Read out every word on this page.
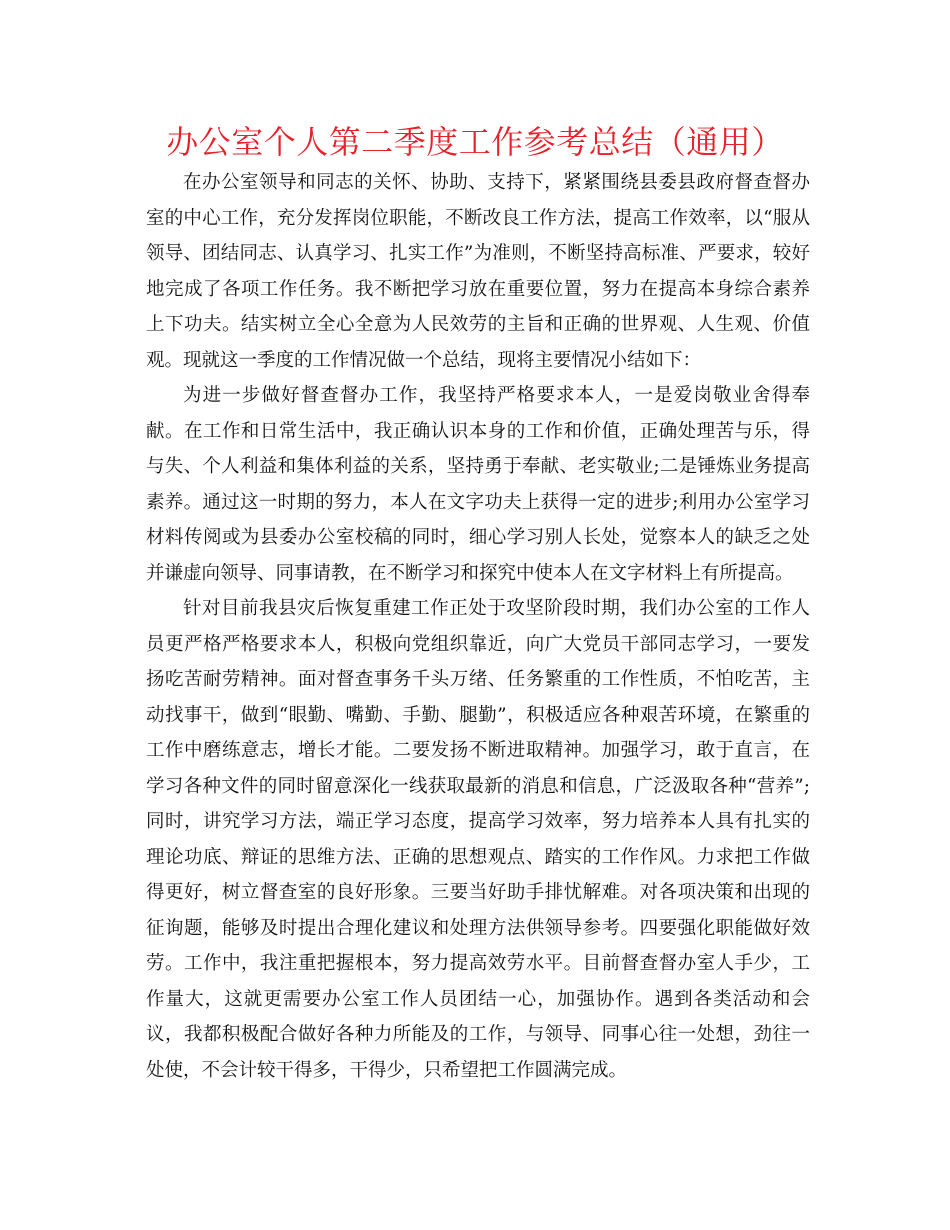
办公室个人第二季度工作参考总结（通用）

在办公室领导和同志的关怀、协助、支持下，紧紧围绕县委县政府督查督办室的中心工作，充分发挥岗位职能，不断改良工作方法，提高工作效率，以“服从领导、团结同志、认真学习、扎实工作”为准则，不断坚持高标准、严要求，较好地完成了各项工作任务。我不断把学习放在重要位置，努力在提高本身综合素养上下功夫。结实树立全心全意为人民效劳的主旨和正确的世界观、人生观、价值观。现就这一季度的工作情况做一个总结，现将主要情况小结如下：

为进一步做好督查督办工作，我坚持严格要求本人，一是爱岗敬业舍得奉献。在工作和日常生活中，我正确认识本身的工作和价值，正确处理苦与乐，得与失、个人利益和集体利益的关系，坚持勇于奉献、老实敬业;二是锤炼业务提高素养。通过这一时期的努力，本人在文字功夫上获得一定的进步;利用办公室学习材料传阅或为县委办公室校稿的同时，细心学习别人长处，觉察本人的缺乏之处并谦虚向领导、同事请教，在不断学习和探究中使本人在文字材料上有所提高。

针对目前我县灾后恢复重建工作正处于攻坚阶段时期，我们办公室的工作人员更严格严格要求本人，积极向党组织靠近，向广大党员干部同志学习，一要发扬吃苦耐劳精神。面对督查事务千头万绪、任务繁重的工作性质，不怕吃苦，主动找事干，做到“眼勤、嘴勤、手勤、腿勤”，积极适应各种艰苦环境，在繁重的工作中磨练意志，增长才能。二要发扬不断进取精神。加强学习，敢于直言，在学习各种文件的同时留意深化一线获取最新的消息和信息，广泛汲取各种“营养”;同时，讲究学习方法，端正学习态度，提高学习效率，努力培养本人具有扎实的理论功底、辩证的思维方法、正确的思想观点、踏实的工作作风。力求把工作做得更好，树立督查室的良好形象。三要当好助手排忧解难。对各项决策和出现的征询题，能够及时提出合理化建议和处理方法供领导参考。四要强化职能做好效劳。工作中，我注重把握根本，努力提高效劳水平。目前督查督办室人手少，工作量大，这就更需要办公室工作人员团结一心，加强协作。遇到各类活动和会议，我都积极配合做好各种力所能及的工作，与领导、同事心往一处想，劲往一处使，不会计较干得多，干得少，只希望把工作圆满完成。
